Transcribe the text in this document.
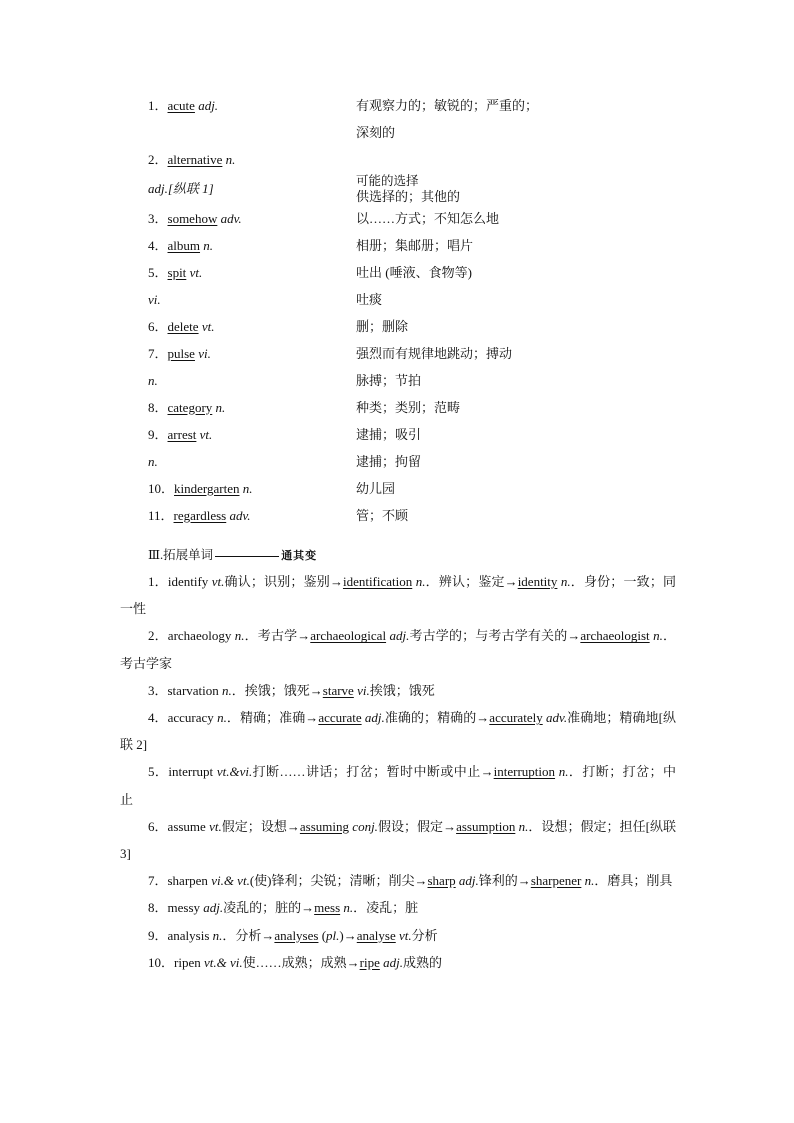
1．acute adj.	有观察力的；敏锐的；严重的；
深刻的
2．alternative n.
adj.[纵联 1]	可能的选择
供选择的；其他的
3．somehow adv.	以……方式；不知怎么地
4．album n.	相册；集邮册；唱片
5．spit vt.	吐出 (唾液、食物等)
vi.	吐痰
6．delete vt.	删；删除
7．pulse vi.	强烈而有规律地跳动；搏动
n.	脉搏；节拍
8．category n.	种类；类别；范畴
9．arrest vt.	逮捕；吸引
n.	逮捕；拘留
10．kindergarten n.	幼儿园
11．regardless adv.	管；不顾
Ⅲ.拓展单词	通其变

1．identify vt.确认；识别；鉴别→identification n.．辨认；鉴定→identity n.．身份；一致；同一性

2．archaeology n.．考古学→archaeological adj.考古学的；与考古学有关的→archaeologist n.．考古学家

3．starvation n.．挨饿；饿死→starve vi.挨饿；饿死

4．accuracy n.．精确；准确→accurate adj.准确的；精确的→accurately adv.准确地；精确地[纵联 2]

5．interrupt vt.&vi.打断……讲话；打岔；暂时中断或中止→interruption n.．打断；打岔；中止

6．assume vt.假定；设想→assuming conj.假设；假定→assumption n.．设想；假定；担任[纵联 3]

7．sharpen vi.& vt.(使)锋利；尖锐；清晰；削尖→sharp adj.锋利的→sharpener n.．磨具；削具

8．messy adj.凌乱的；脏的→mess n.．凌乱；脏

9．analysis n.．分析→analyses (pl.)→analyse vt.分析

10．ripen vt.& vi.使……成熟；成熟→ripe adj.成熟的
